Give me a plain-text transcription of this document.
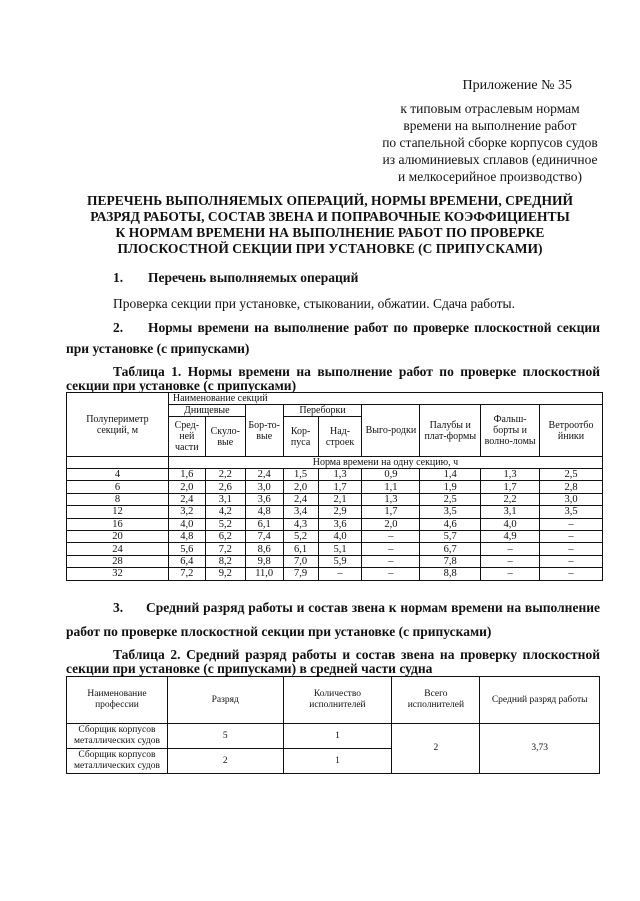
Приложение № 35
к типовым отраслевым нормам
времени на выполнение работ
по стапельной сборке корпусов судов
из алюминиевых сплавов (единичное
и мелкосерийное производство)
ПЕРЕЧЕНЬ ВЫПОЛНЯЕМЫХ ОПЕРАЦИЙ, НОРМЫ ВРЕМЕНИ, СРЕДНИЙ
РАЗРЯД РАБОТЫ, СОСТАВ ЗВЕНА И ПОПРАВОЧНЫЕ КОЭФФИЦИЕНТЫ
К НОРМАМ ВРЕМЕНИ НА ВЫПОЛНЕНИЕ РАБОТ ПО ПРОВЕРКЕ
ПЛОСКОСТНОЙ СЕКЦИИ ПРИ УСТАНОВКЕ (С ПРИПУСКАМИ)
1. Перечень выполняемых операций
Проверка секции при установке, стыковании, обжатии. Сдача работы.
2. Нормы времени на выполнение работ по проверке плоскостной секции
при установке (с припусками)
Таблица 1. Нормы времени на выполнение работ по проверке плоскостной
секции при установке (с припусками)
Полупериметр секций, м	Наименование секций								
	Днищевые		Бор-то-вые	Переборки		Выго-родки	Палубы и плат-формы	Фальш-борты и волно-ломы	Ветроотбо йники
	Сред-ней части	Скуло-вые		Кор-пуса	Над-строек				
	Норма времени на одну секцию, ч								
4	1,6	2,2	2,4	1,5	1,3	0,9	1,4	1,3	2,5
6	2,0	2,6	3,0	2,0	1,7	1,1	1,9	1,7	2,8
8	2,4	3,1	3,6	2,4	2,1	1,3	2,5	2,2	3,0
12	3,2	4,2	4,8	3,4	2,9	1,7	3,5	3,1	3,5
16	4,0	5,2	6,1	4,3	3,6	2,0	4,6	4,0	–
20	4,8	6,2	7,4	5,2	4,0	–	5,7	4,9	–
24	5,6	7,2	8,6	6,1	5,1	–	6,7	–	–
28	6,4	8,2	9,8	7,0	5,9	–	7,8	–	–
32	7,2	9,2	11,0	7,9	–	–	8,8	–	–
3. Средний разряд работы и состав звена к нормам времени на выполнение
работ по проверке плоскостной секции при установке (с припусками)
Таблица 2. Средний разряд работы и состав звена на проверку плоскостной
секции при установке (с припусками) в средней части судна
Наименование профессии	Разряд	Количество исполнителей	Всего исполнителей	Средний разряд работы
Сборщик корпусов металлических судов	5	1	2	3,73
Сборщик корпусов металлических судов	2	1		
